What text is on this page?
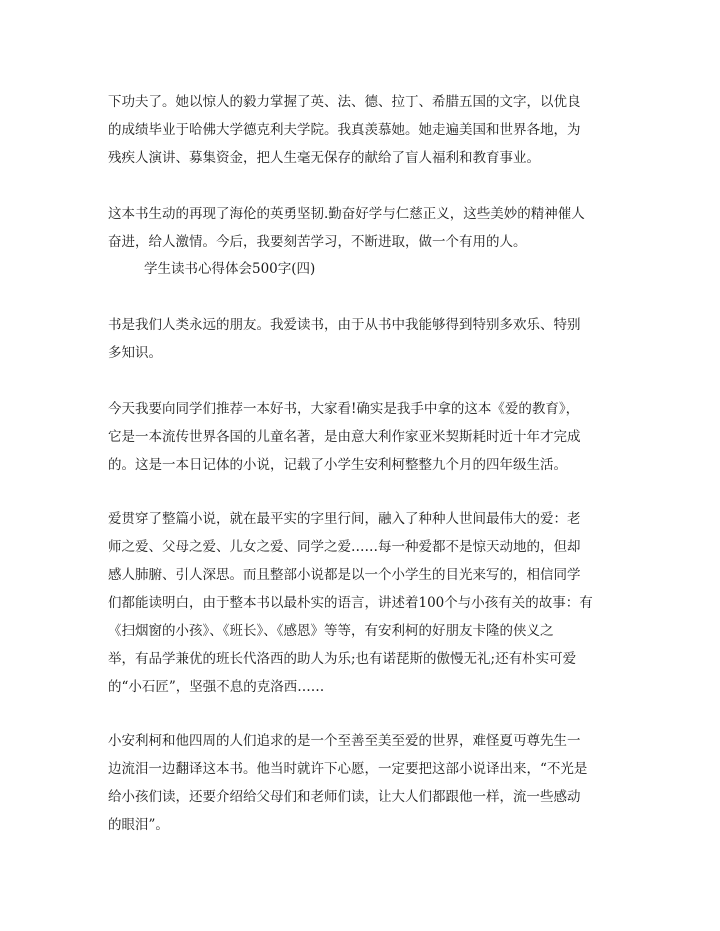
下功夫了。她以惊人的毅力掌握了英、法、德、拉丁、希腊五国的文字，以优良
的成绩毕业于哈佛大学德克利夫学院。我真羡慕她。她走遍美国和世界各地，为
残疾人演讲、募集资金，把人生毫无保存的献给了盲人福利和教育事业。

这本书生动的再现了海伦的英勇坚韧.勤奋好学与仁慈正义，这些美妙的精神催人
奋进，给人激情。今后，我要刻苦学习，不断进取，做一个有用的人。

学生读书心得体会500字(四)

书是我们人类永远的朋友。我爱读书，由于从书中我能够得到特别多欢乐、特别
多知识。

今天我要向同学们推荐一本好书，大家看!确实是我手中拿的这本《爱的教育》，
它是一本流传世界各国的儿童名著，是由意大利作家亚米契斯耗时近十年才完成
的。这是一本日记体的小说，记载了小学生安利柯整整九个月的四年级生活。

爱贯穿了整篇小说，就在最平实的字里行间，融入了种种人世间最伟大的爱：老
师之爱、父母之爱、儿女之爱、同学之爱……每一种爱都不是惊天动地的，但却
感人肺腑、引人深思。而且整部小说都是以一个小学生的目光来写的，相信同学
们都能读明白，由于整本书以最朴实的语言，讲述着100个与小孩有关的故事：有
《扫烟窗的小孩》、《班长》、《感恩》等等，有安利柯的好朋友卡隆的侠义之
举，有品学兼优的班长代洛西的助人为乐;也有诺琵斯的傲慢无礼;还有朴实可爱
的“小石匠”，坚强不息的克洛西……

小安利柯和他四周的人们追求的是一个至善至美至爱的世界，难怪夏丏尊先生一
边流泪一边翻译这本书。他当时就许下心愿，一定要把这部小说译出来，“不光是
给小孩们读，还要介绍给父母们和老师们读，让大人们都跟他一样，流一些感动
的眼泪”。
